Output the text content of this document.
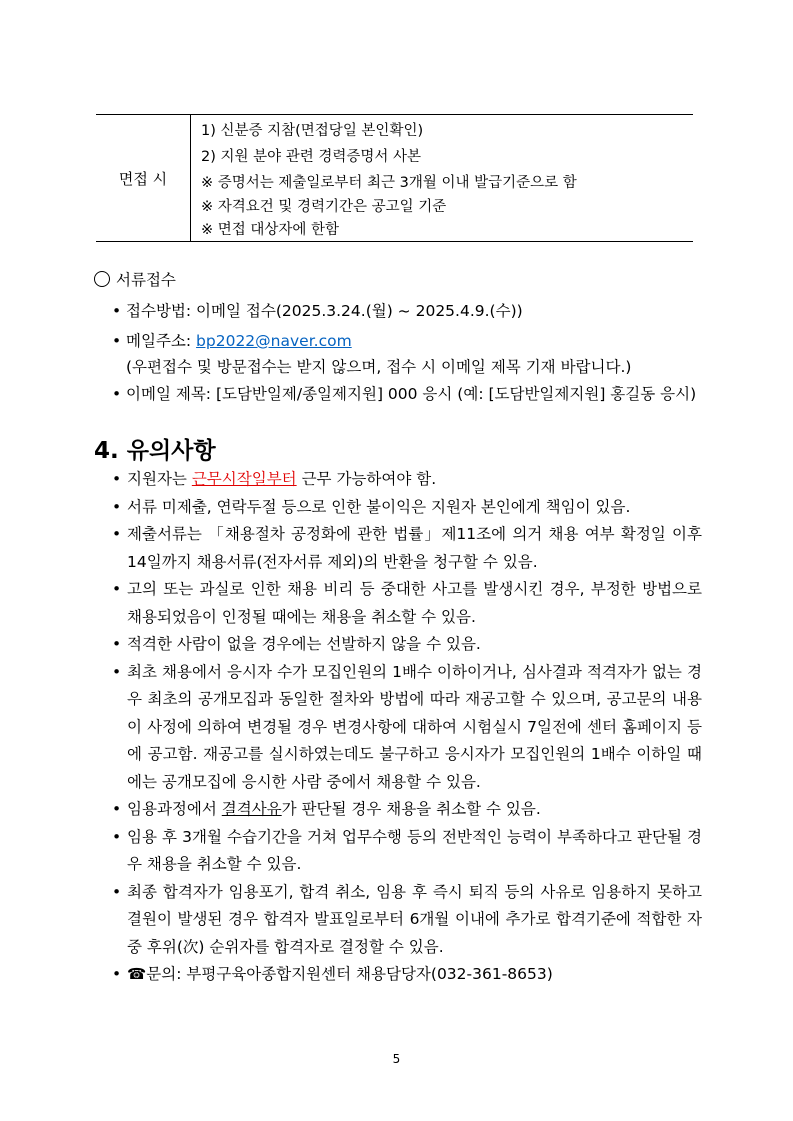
면접 시
1) 신분증 지참(면접당일 본인확인)
2) 지원 분야 관련 경력증명서 사본
※ 증명서는 제출일로부터 최근 3개월 이내 발급기준으로 함
※ 자격요건 및 경력기간은 공고일 기준
※ 면접 대상자에 한함
서류접수
• 접수방법: 이메일 접수(2025.3.24.(월) ~ 2025.4.9.(수))
• 메일주소: bp2022@naver.com
(우편접수 및 방문접수는 받지 않으며, 접수 시 이메일 제목 기재 바랍니다.)
• 이메일 제목: [도담반일제/종일제지원] 000 응시 (예: [도담반일제지원] 홍길동 응시)
4. 유의사항
• 지원자는 근무시작일부터 근무 가능하여야 함.
• 서류 미제출, 연락두절 등으로 인한 불이익은 지원자 본인에게 책임이 있음.
• 제출서류는 「채용절차 공정화에 관한 법률」제11조에 의거 채용 여부 확정일 이후 14일까지 채용서류(전자서류 제외)의 반환을 청구할 수 있음.
• 고의 또는 과실로 인한 채용 비리 등 중대한 사고를 발생시킨 경우, 부정한 방법으로 채용되었음이 인정될 때에는 채용을 취소할 수 있음.
• 적격한 사람이 없을 경우에는 선발하지 않을 수 있음.
• 최초 채용에서 응시자 수가 모집인원의 1배수 이하이거나, 심사결과 적격자가 없는 경우 최초의 공개모집과 동일한 절차와 방법에 따라 재공고할 수 있으며, 공고문의 내용이 사정에 의하여 변경될 경우 변경사항에 대하여 시험실시 7일전에 센터 홈페이지 등에 공고함. 재공고를 실시하였는데도 불구하고 응시자가 모집인원의 1배수 이하일 때에는 공개모집에 응시한 사람 중에서 채용할 수 있음.
• 임용과정에서 결격사유가 판단될 경우 채용을 취소할 수 있음.
• 임용 후 3개월 수습기간을 거쳐 업무수행 등의 전반적인 능력이 부족하다고 판단될 경우 채용을 취소할 수 있음.
• 최종 합격자가 임용포기, 합격 취소, 임용 후 즉시 퇴직 등의 사유로 임용하지 못하고 결원이 발생된 경우 합격자 발표일로부터 6개월 이내에 추가로 합격기준에 적합한 자 중 후위(次) 순위자를 합격자로 결정할 수 있음.
• ☎문의: 부평구육아종합지원센터 채용담당자(032-361-8653)
5
